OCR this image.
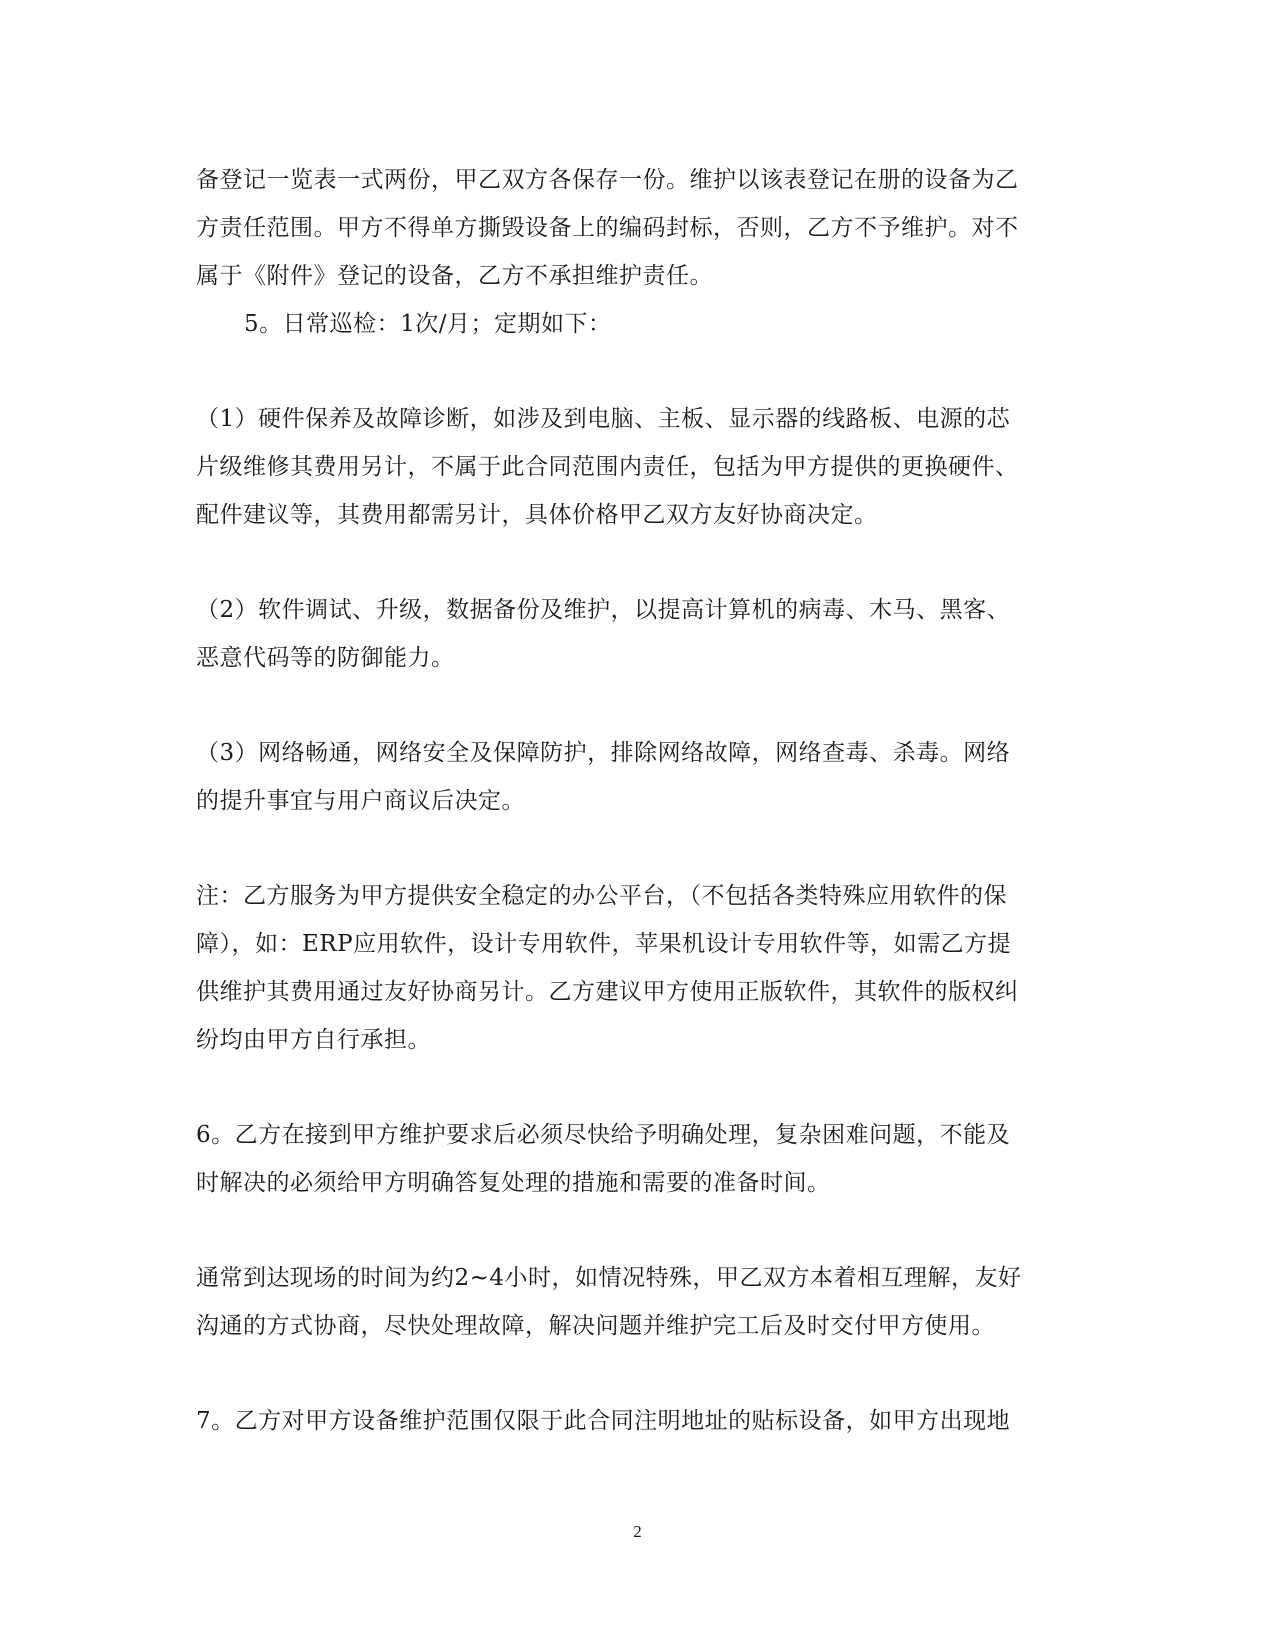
备登记一览表一式两份，甲乙双方各保存一份。维护以该表登记在册的设备为乙
方责任范围。甲方不得单方撕毁设备上的编码封标，否则，乙方不予维护。对不
属于《附件》登记的设备，乙方不承担维护责任。
5。日常巡检：1次/月；定期如下：
（1）硬件保养及故障诊断，如涉及到电脑、主板、显示器的线路板、电源的芯
片级维修其费用另计，不属于此合同范围内责任，包括为甲方提供的更换硬件、
配件建议等，其费用都需另计，具体价格甲乙双方友好协商决定。
（2）软件调试、升级，数据备份及维护，以提高计算机的病毒、木马、黑客、
恶意代码等的防御能力。
（3）网络畅通，网络安全及保障防护，排除网络故障，网络查毒、杀毒。网络
的提升事宜与用户商议后决定。
注：乙方服务为甲方提供安全稳定的办公平台，（不包括各类特殊应用软件的保
障），如：ERP应用软件，设计专用软件，苹果机设计专用软件等，如需乙方提
供维护其费用通过友好协商另计。乙方建议甲方使用正版软件，其软件的版权纠
纷均由甲方自行承担。
6。乙方在接到甲方维护要求后必须尽快给予明确处理，复杂困难问题，不能及
时解决的必须给甲方明确答复处理的措施和需要的准备时间。
通常到达现场的时间为约2~4小时，如情况特殊，甲乙双方本着相互理解，友好
沟通的方式协商，尽快处理故障，解决问题并维护完工后及时交付甲方使用。
7。乙方对甲方设备维护范围仅限于此合同注明地址的贴标设备，如甲方出现地
2
